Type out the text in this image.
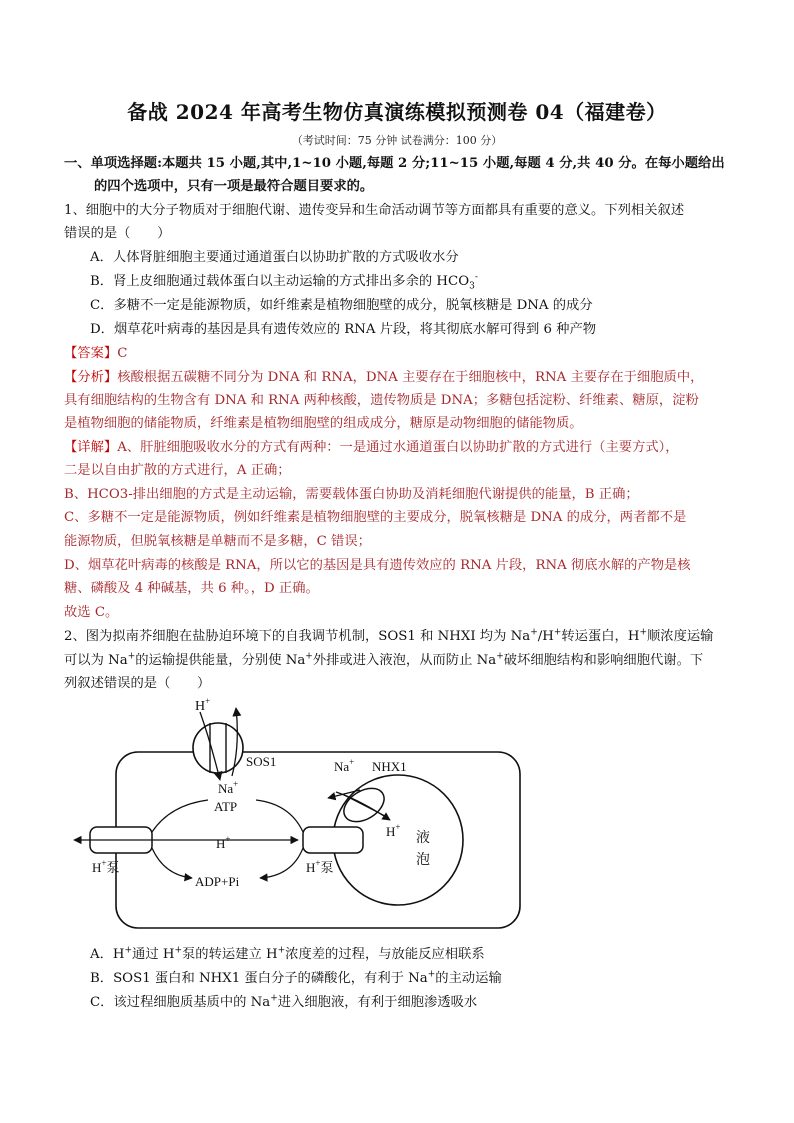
备战 2024 年高考生物仿真演练模拟预测卷 04（福建卷）
（考试时间：75 分钟 试卷满分：100 分）
一、单项选择题:本题共 15 小题,其中,1~10 小题,每题 2 分;11~15 小题,每题 4 分,共 40 分。在每小题给出
的四个选项中，只有一项是最符合题目要求的。
1、细胞中的大分子物质对于细胞代谢、遗传变异和生命活动调节等方面都具有重要的意义。下列相关叙述
错误的是（　　）
A．人体肾脏细胞主要通过通道蛋白以协助扩散的方式吸收水分
B．肾上皮细胞通过载体蛋白以主动运输的方式排出多余的 $HCO_3^-$
C．多糖不一定是能源物质，如纤维素是植物细胞壁的成分，脱氧核糖是 DNA 的成分
D．烟草花叶病毒的基因是具有遗传效应的 RNA 片段，将其彻底水解可得到 6 种产物
【答案】C
【分析】核酸根据五碳糖不同分为 DNA 和 RNA，DNA 主要存在于细胞核中，RNA 主要存在于细胞质中，
具有细胞结构的生物含有 DNA 和 RNA 两种核酸，遗传物质是 DNA；多糖包括淀粉、纤维素、糖原，淀粉
是植物细胞的储能物质，纤维素是植物细胞壁的组成成分，糖原是动物细胞的储能物质。
【详解】A、肝脏细胞吸收水分的方式有两种：一是通过水通道蛋白以协助扩散的方式进行（主要方式），
二是以自由扩散的方式进行，A 正确；
B、HCO3-排出细胞的方式是主动运输，需要载体蛋白协助及消耗细胞代谢提供的能量，B 正确；
C、多糖不一定是能源物质，例如纤维素是植物细胞壁的主要成分，脱氧核糖是 DNA 的成分，两者都不是
能源物质，但脱氧核糖是单糖而不是多糖，C 错误；
D、烟草花叶病毒的核酸是 RNA，所以它的基因是具有遗传效应的 RNA 片段，RNA 彻底水解的产物是核
糖、磷酸及 4 种碱基，共 6 种。，D 正确。
故选 C。
2、图为拟南芥细胞在盐胁迫环境下的自我调节机制，SOS1 和 NHXI 均为 Na+/H+转运蛋白，H+顺浓度运输
可以为 Na+的运输提供能量，分别使 Na+外排或进入液泡，从而防止 Na+破坏细胞结构和影响细胞代谢。下
列叙述错误的是（　　）
H+
SOS1
Na+
Na+ NHX1
ATP
H+	H+
液
泡
H+泵	H+泵
ADP+Pi
A．H+通过 H+泵的转运建立 H+浓度差的过程，与放能反应相联系
B．SOS1 蛋白和 NHX1 蛋白分子的磷酸化，有利于 Na+的主动运输
C．该过程细胞质基质中的 Na+进入细胞液，有利于细胞渗透吸水
